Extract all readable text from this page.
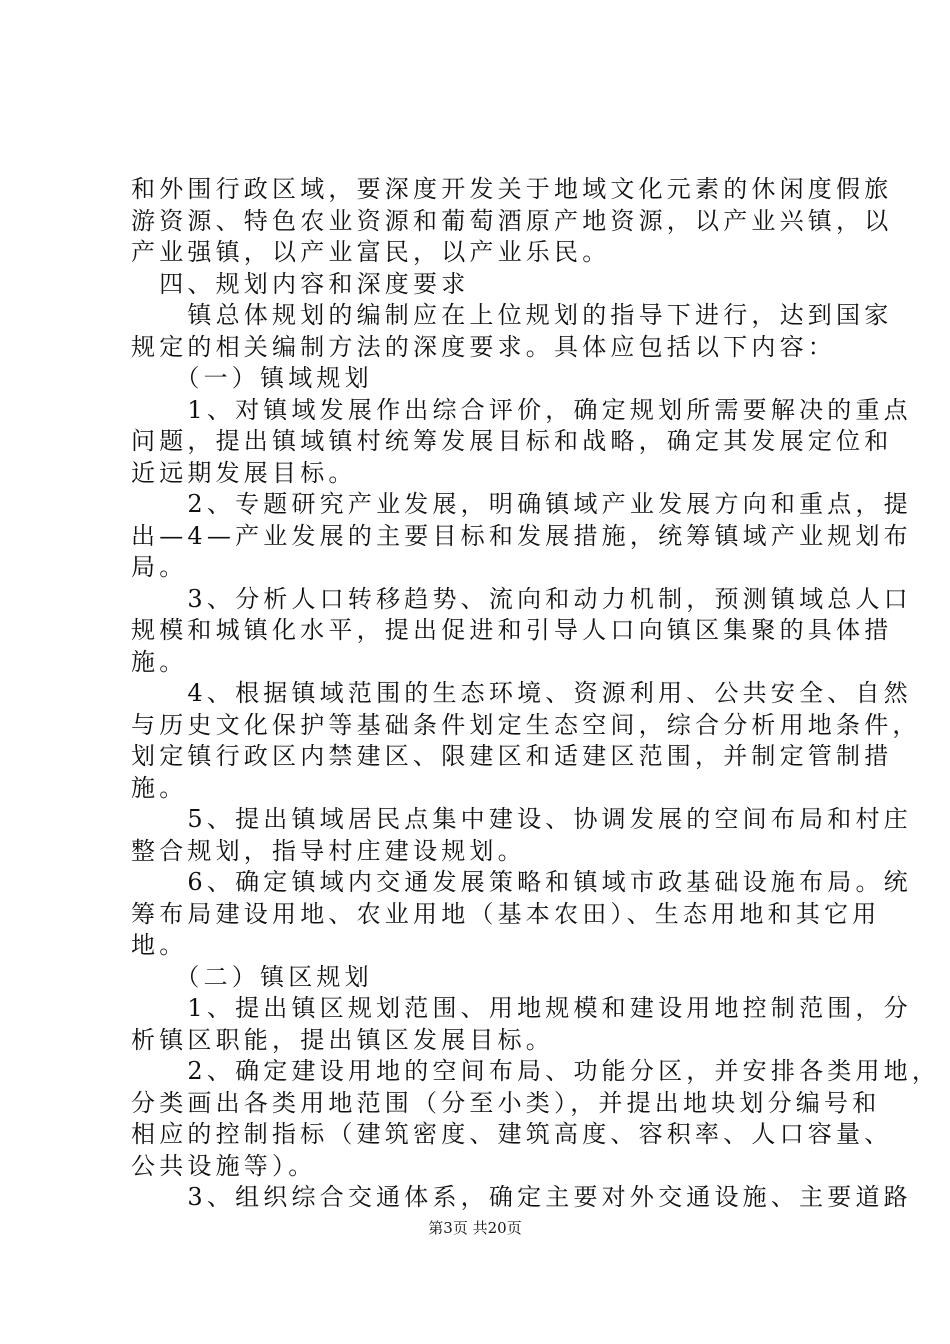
和外围行政区域，要深度开发关于地域文化元素的休闲度假旅
游资源、特色农业资源和葡萄酒原产地资源，以产业兴镇，以
产业强镇，以产业富民，以产业乐民。
　四、规划内容和深度要求
　　镇总体规划的编制应在上位规划的指导下进行，达到国家
规定的相关编制方法的深度要求。具体应包括以下内容：
　　（一）镇域规划
　　1、对镇域发展作出综合评价，确定规划所需要解决的重点
问题，提出镇域镇村统筹发展目标和战略，确定其发展定位和
近远期发展目标。
　　2、专题研究产业发展，明确镇域产业发展方向和重点，提
出—4—产业发展的主要目标和发展措施，统筹镇域产业规划布
局。
　　3、分析人口转移趋势、流向和动力机制，预测镇域总人口
规模和城镇化水平，提出促进和引导人口向镇区集聚的具体措
施。
　　4、根据镇域范围的生态环境、资源利用、公共安全、自然
与历史文化保护等基础条件划定生态空间，综合分析用地条件，
划定镇行政区内禁建区、限建区和适建区范围，并制定管制措
施。
　　5、提出镇域居民点集中建设、协调发展的空间布局和村庄
整合规划，指导村庄建设规划。
　　6、确定镇域内交通发展策略和镇域市政基础设施布局。统
筹布局建设用地、农业用地（基本农田）、生态用地和其它用
地。
　　（二）镇区规划
　　1、提出镇区规划范围、用地规模和建设用地控制范围，分
析镇区职能，提出镇区发展目标。
　　2、确定建设用地的空间布局、功能分区，并安排各类用地，
分类画出各类用地范围（分至小类），并提出地块划分编号和
相应的控制指标（建筑密度、建筑高度、容积率、人口容量、
公共设施等）。
　　3、组织综合交通体系，确定主要对外交通设施、主要道路
第3页 共20页
